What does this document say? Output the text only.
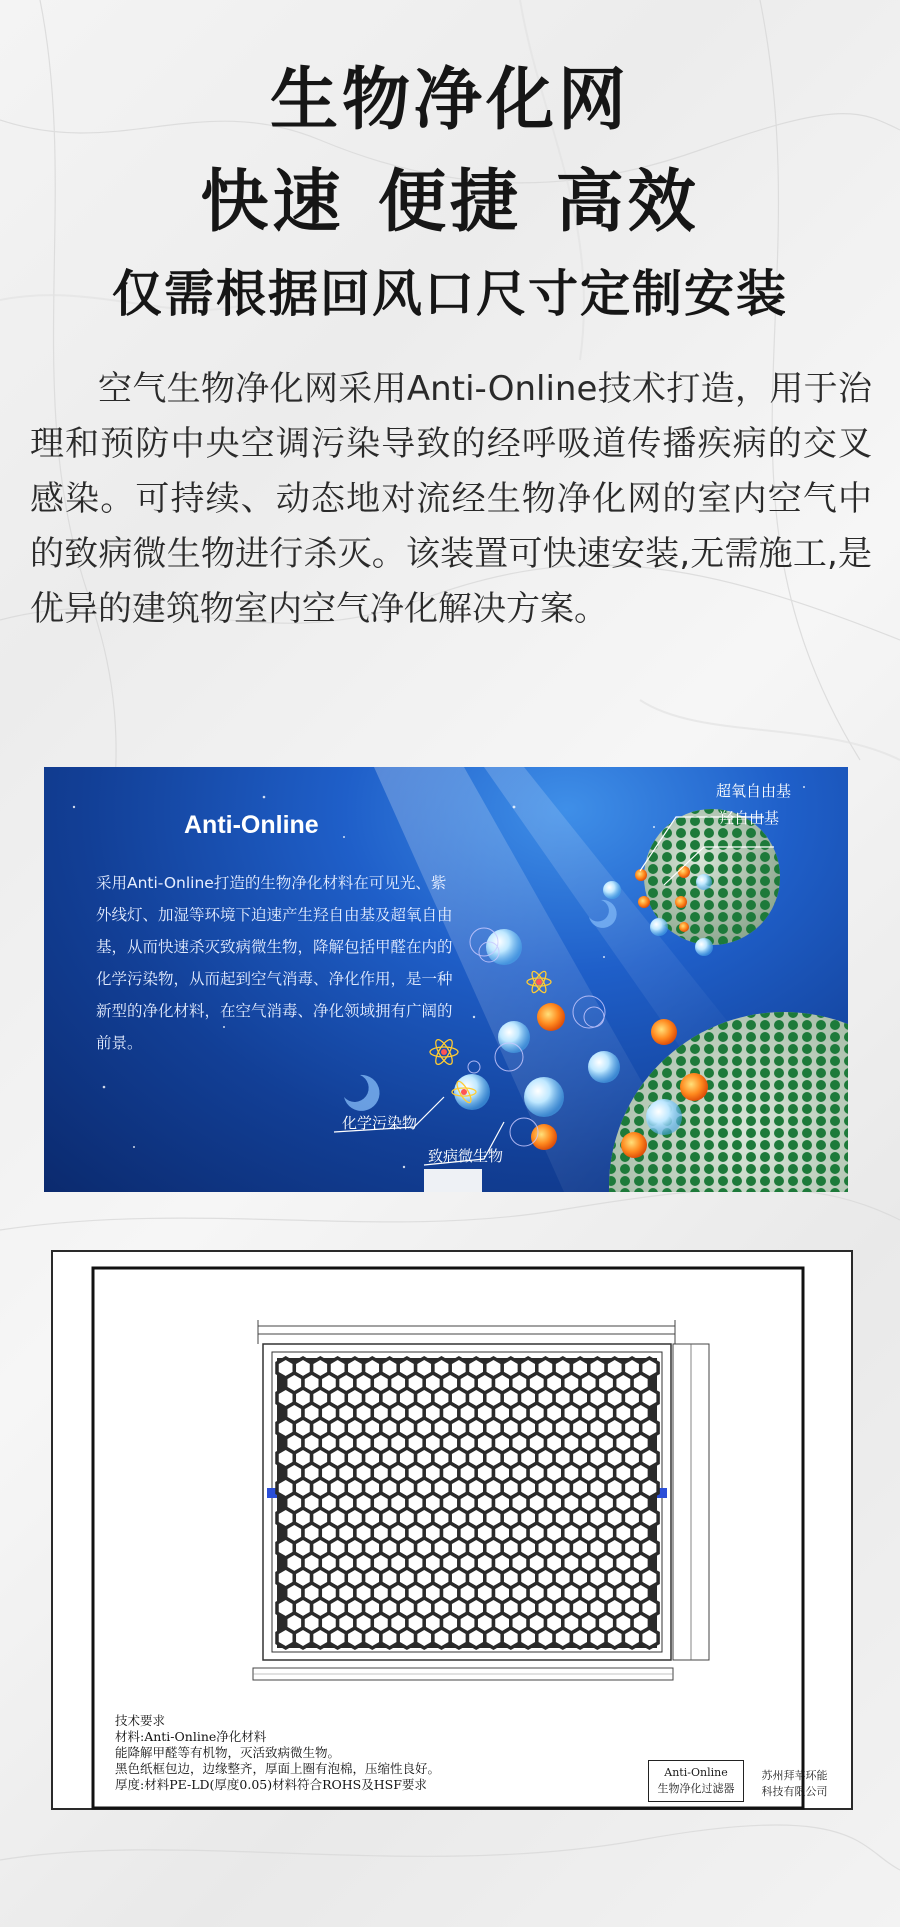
生物净化网
快速 便捷 高效
仅需根据回风口尺寸定制安装

空气生物净化网采用Anti-Online技术打造，用于治理和预防中央空调污染导致的经呼吸道传播疾病的交叉感染。可持续、动态地对流经生物净化网的室内空气中的致病微生物进行杀灭。该装置可快速安装,无需施工,是优异的建筑物室内空气净化解决方案。

Anti-Online

采用Anti-Online打造的生物净化材料在可见光、紫外线灯、加湿等环境下迫速产生羟自由基及超氧自由基，从而快速杀灭致病微生物，降解包括甲醛在内的化学污染物，从而起到空气消毒、净化作用，是一种新型的净化材料，在空气消毒、净化领域拥有广阔的前景。

超氧自由基
羟自由基
化学污染物
致病微生物
技术要求
材料:Anti-Online净化材料
能降解甲醛等有机物，灭活致病微生物。
黑色纸框包边，边缘整齐，厚面上圈有泡棉，压缩性良好。
厚度:材料PE-LD(厚度0.05)材料符合ROHS及HSF要求
Anti-Online
生物净化过滤器
苏州拜苹环能
科技有限公司
